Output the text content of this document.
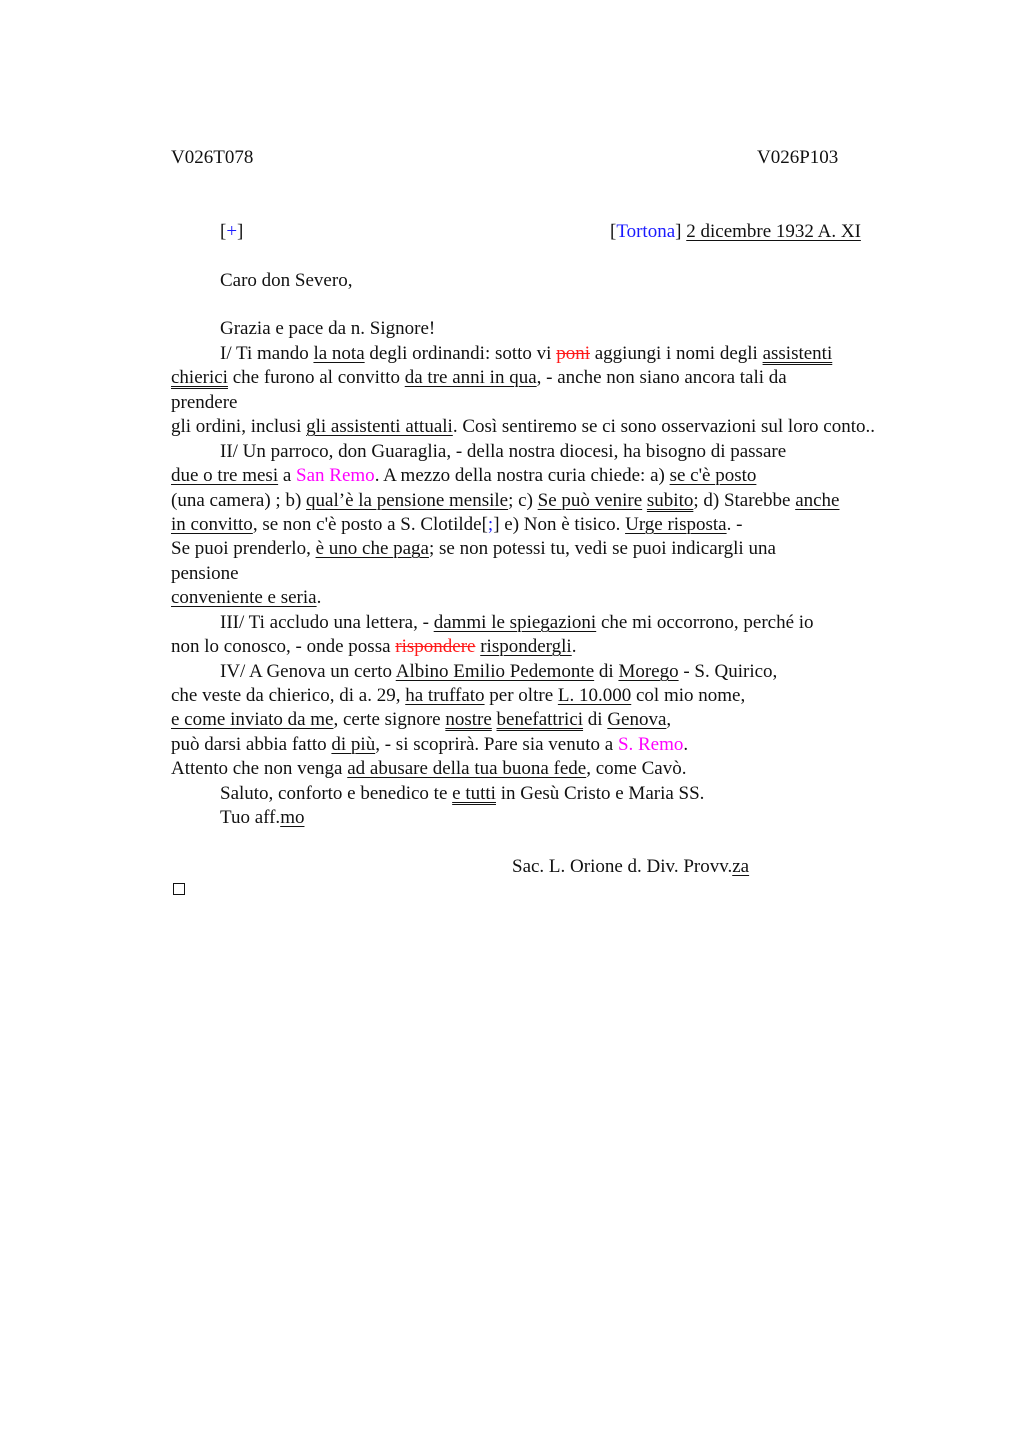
V026T078	V026P103
[+]	[Tortona] 2 dicembre 1932 A. XI
Caro don Severo,
Grazia e pace da n. Signore!
I/ Ti mando la nota degli ordinandi: sotto vi poni aggiungi i nomi degli assistenti
chierici che furono al convitto da tre anni in qua, - anche non siano ancora tali da
prendere
gli ordini, inclusi gli assistenti attuali. Così sentiremo se ci sono osservazioni sul loro conto..
II/ Un parroco, don Guaraglia, - della nostra diocesi, ha bisogno di passare
due o tre mesi a San Remo. A mezzo della nostra curia chiede: a) se c'è posto
(una camera) ; b) qual’è la pensione mensile; c) Se può venire subito; d) Starebbe anche
in convitto, se non c'è posto a S. Clotilde[;] e) Non è tisico. Urge risposta. -
Se puoi prenderlo, è uno che paga; se non potessi tu, vedi se puoi indicargli una
pensione
conveniente e seria.
III/ Ti accludo una lettera, - dammi le spiegazioni che mi occorrono, perché io
non lo conosco, - onde possa rispondere rispondergli.
IV/ A Genova un certo Albino Emilio Pedemonte di Morego - S. Quirico,
che veste da chierico, di a. 29, ha truffato per oltre L. 10.000 col mio nome,
e come inviato da me, certe signore nostre benefattrici di Genova,
può darsi abbia fatto di più, - si scoprirà. Pare sia venuto a S. Remo.
Attento che non venga ad abusare della tua buona fede, come Cavò.
Saluto, conforto e benedico te e tutti in Gesù Cristo e Maria SS.
Tuo aff.mo
Sac. L. Orione d. Div. Provv.za
